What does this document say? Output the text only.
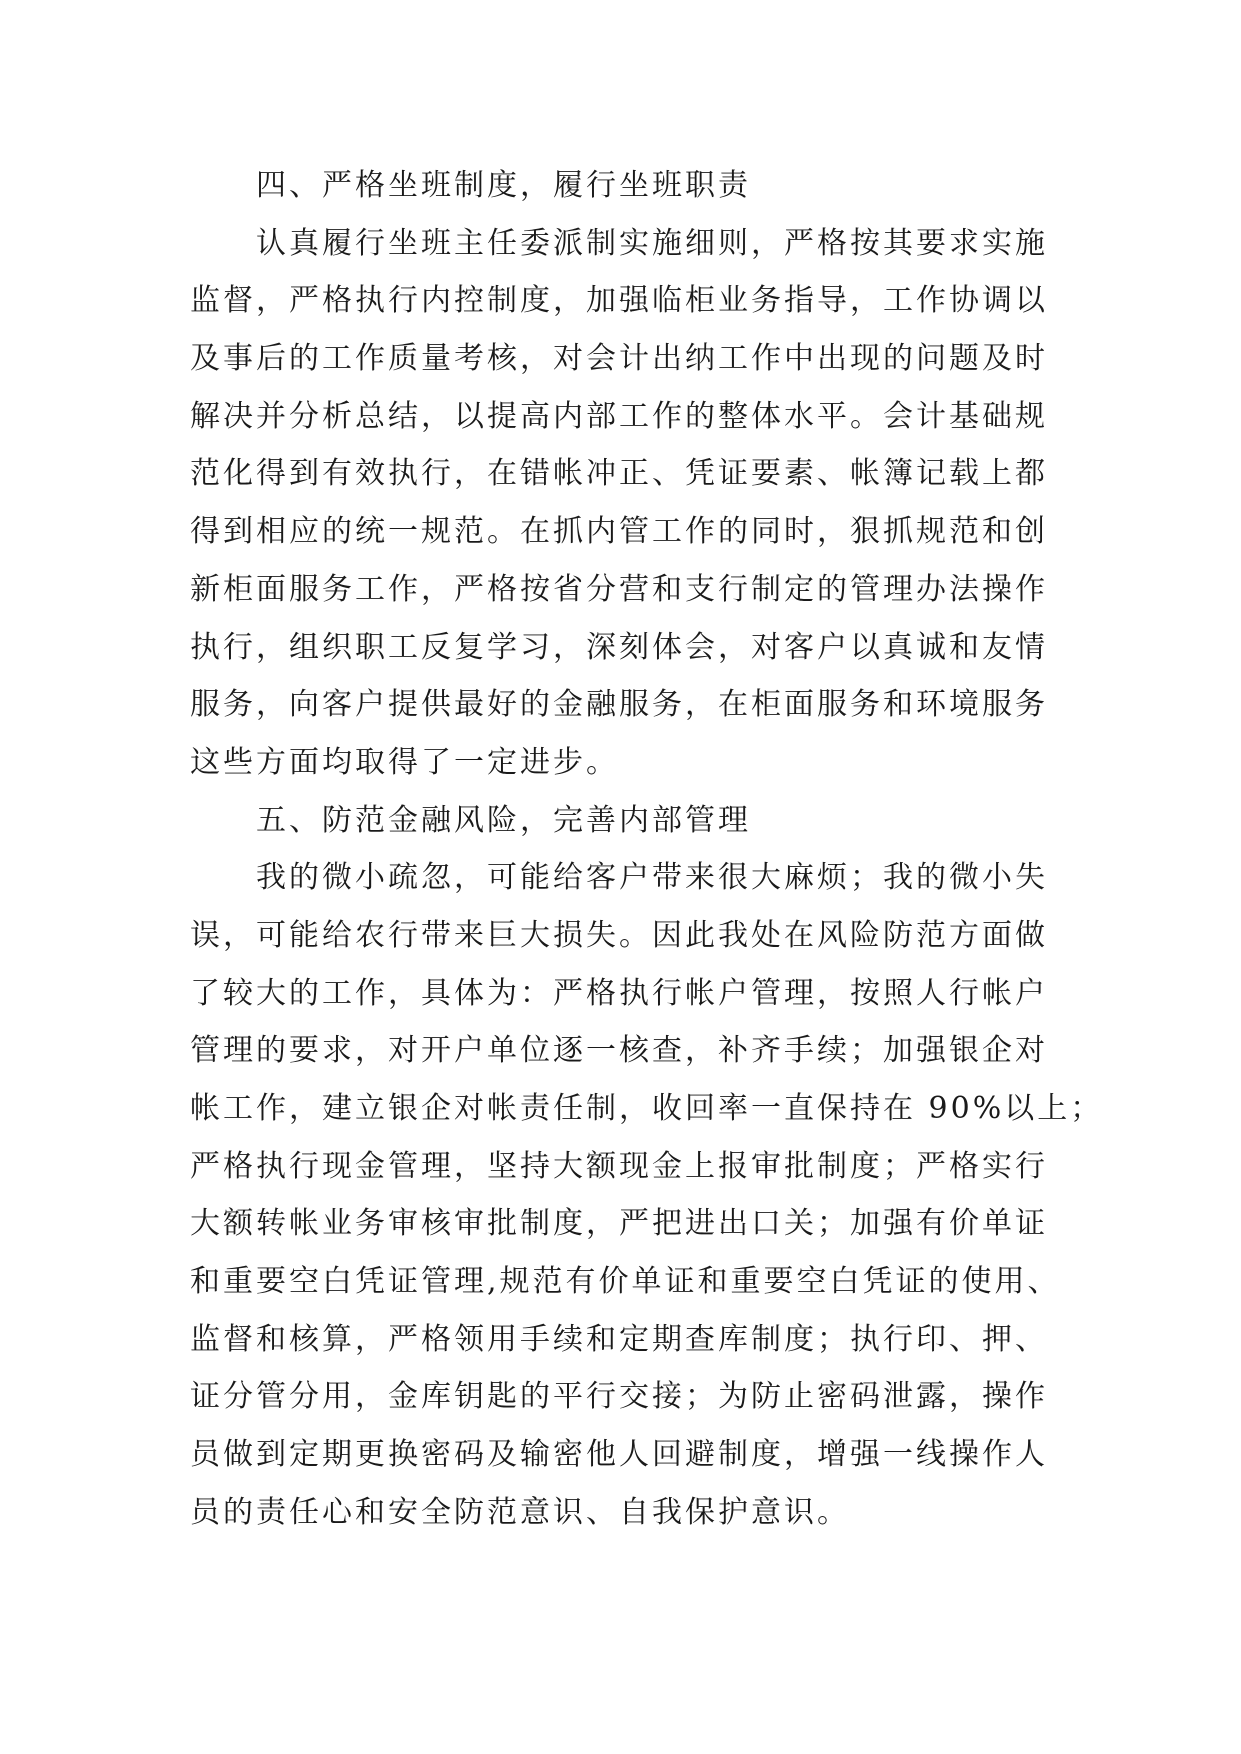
四、严格坐班制度，履行坐班职责
认真履行坐班主任委派制实施细则，严格按其要求实施
监督，严格执行内控制度，加强临柜业务指导，工作协调以
及事后的工作质量考核，对会计出纳工作中出现的问题及时
解决并分析总结，以提高内部工作的整体水平。会计基础规
范化得到有效执行，在错帐冲正、凭证要素、帐簿记载上都
得到相应的统一规范。在抓内管工作的同时，狠抓规范和创
新柜面服务工作，严格按省分营和支行制定的管理办法操作
执行，组织职工反复学习，深刻体会，对客户以真诚和友情
服务，向客户提供最好的金融服务，在柜面服务和环境服务
这些方面均取得了一定进步。
五、防范金融风险，完善内部管理
我的微小疏忽，可能给客户带来很大麻烦；我的微小失
误，可能给农行带来巨大损失。因此我处在风险防范方面做
了较大的工作，具体为：严格执行帐户管理，按照人行帐户
管理的要求，对开户单位逐一核查，补齐手续；加强银企对
帐工作，建立银企对帐责任制，收回率一直保持在 90%以上；
严格执行现金管理，坚持大额现金上报审批制度；严格实行
大额转帐业务审核审批制度，严把进出口关；加强有价单证
和重要空白凭证管理,规范有价单证和重要空白凭证的使用、
监督和核算，严格领用手续和定期查库制度；执行印、押、
证分管分用，金库钥匙的平行交接；为防止密码泄露，操作
员做到定期更换密码及输密他人回避制度，增强一线操作人
员的责任心和安全防范意识、自我保护意识。
